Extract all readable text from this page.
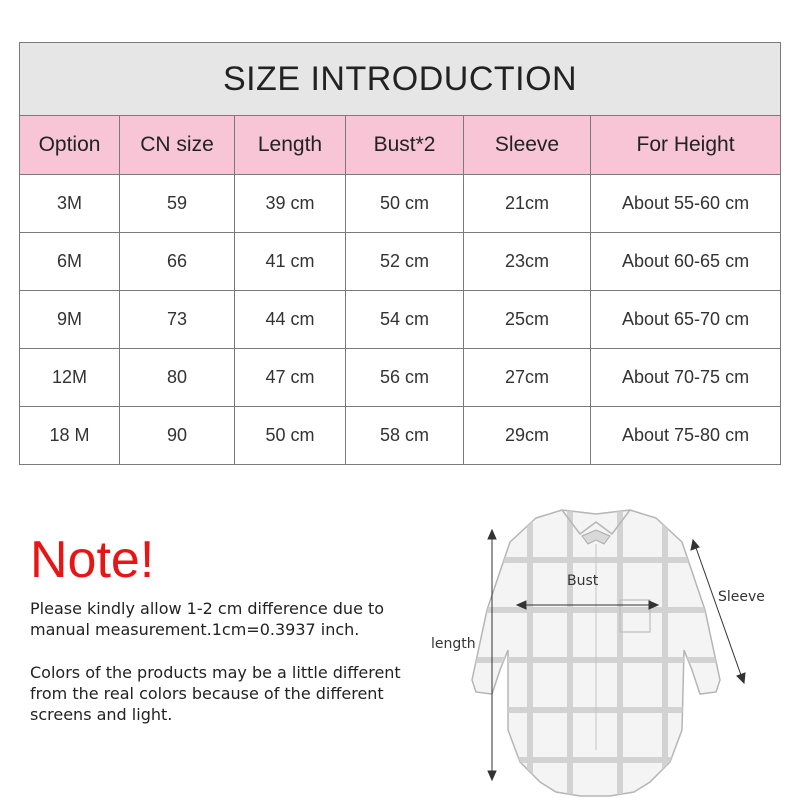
SIZE INTRODUCTION					
Option	CN size	Length	Bust*2	Sleeve	For Height
3M	59	39 cm	50 cm	21cm	About 55-60 cm
6M	66	41 cm	52 cm	23cm	About 60-65 cm
9M	73	44 cm	54 cm	25cm	About 65-70 cm
12M	80	47 cm	56 cm	27cm	About 70-75 cm
18 M	90	50 cm	58 cm	29cm	About 75-80 cm
Note!

Please kindly allow 1-2 cm difference due to
manual measurement.1cm=0.3937 inch.

Colors of the products may be a little different
from the real colors because of the different
screens and light.

Bust
Sleeve
length
